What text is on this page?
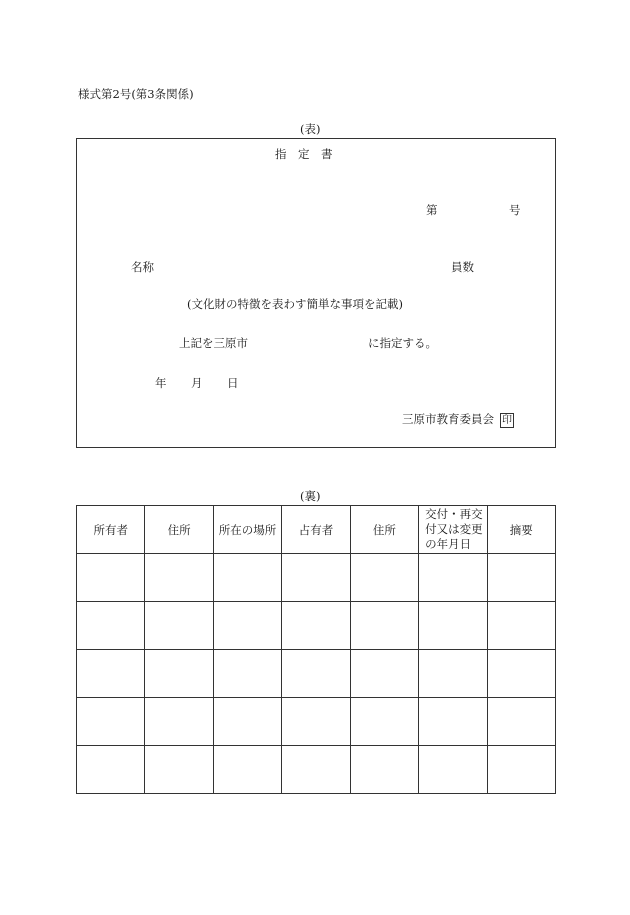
様式第2号(第3条関係)
(表)
指　定　書
第	号
名称	員数
(文化財の特徴を表わす簡単な事項を記載)
上記を三原市	に指定する。
年 月 日
三原市教育委員会 印
(裏)
所有者	住所	所在の場所	占有者	住所	交付・再交
付又は変更
の年月日	摘要
